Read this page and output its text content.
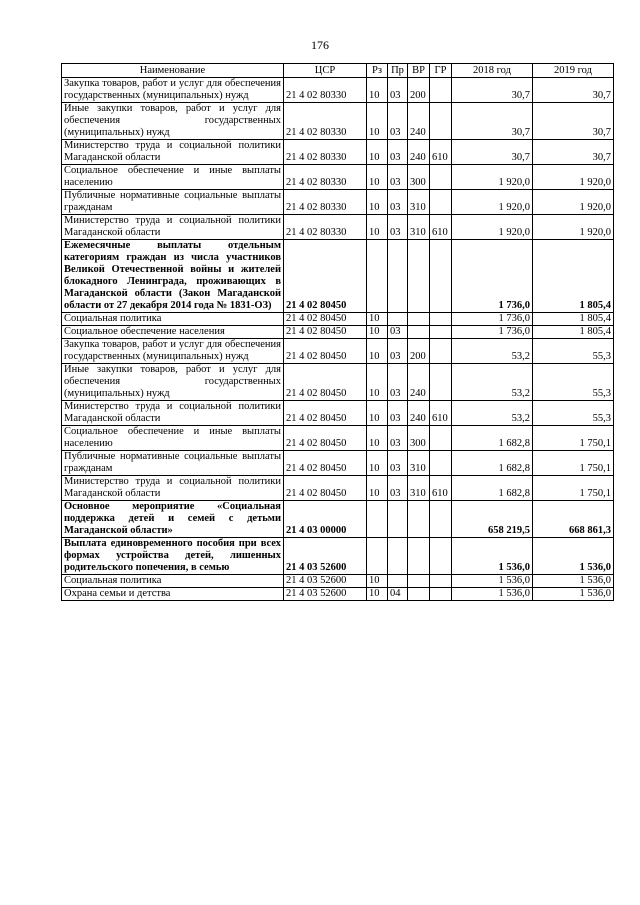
176
Наименование	ЦСР	Рз	Пр	ВР	ГР	2018 год	2019 год
Закупка товаров, работ и услуг для обеспечения государственных (муниципальных) нужд	21 4 02 80330	10	03	200		30,7	30,7
Иные закупки товаров, работ и услуг для обеспечения государственных (муниципальных) нужд	21 4 02 80330	10	03	240		30,7	30,7
Министерство труда и социальной политики Магаданской области	21 4 02 80330	10	03	240	610	30,7	30,7
Социальное обеспечение и иные выплаты населению	21 4 02 80330	10	03	300		1 920,0	1 920,0
Публичные нормативные социальные выплаты гражданам	21 4 02 80330	10	03	310		1 920,0	1 920,0
Министерство труда и социальной политики Магаданской области	21 4 02 80330	10	03	310	610	1 920,0	1 920,0
Ежемесячные выплаты отдельным категориям граждан из числа участников Великой Отечественной войны и жителей блокадного Ленинграда, проживающих в Магаданской области (Закон Магаданской области от 27 декабря 2014 года № 1831-ОЗ)	21 4 02 80450					1 736,0	1 805,4
Социальная политика	21 4 02 80450	10				1 736,0	1 805,4
Социальное обеспечение населения	21 4 02 80450	10	03			1 736,0	1 805,4
Закупка товаров, работ и услуг для обеспечения государственных (муниципальных) нужд	21 4 02 80450	10	03	200		53,2	55,3
Иные закупки товаров, работ и услуг для обеспечения государственных (муниципальных) нужд	21 4 02 80450	10	03	240		53,2	55,3
Министерство труда и социальной политики Магаданской области	21 4 02 80450	10	03	240	610	53,2	55,3
Социальное обеспечение и иные выплаты населению	21 4 02 80450	10	03	300		1 682,8	1 750,1
Публичные нормативные социальные выплаты гражданам	21 4 02 80450	10	03	310		1 682,8	1 750,1
Министерство труда и социальной политики Магаданской области	21 4 02 80450	10	03	310	610	1 682,8	1 750,1
Основное мероприятие «Социальная поддержка детей и семей с детьми Магаданской области»	21 4 03 00000					658 219,5	668 861,3
Выплата единовременного пособия при всех формах устройства детей, лишенных родительского попечения, в семью	21 4 03 52600					1 536,0	1 536,0
Социальная политика	21 4 03 52600	10				1 536,0	1 536,0
Охрана семьи и детства	21 4 03 52600	10	04			1 536,0	1 536,0
